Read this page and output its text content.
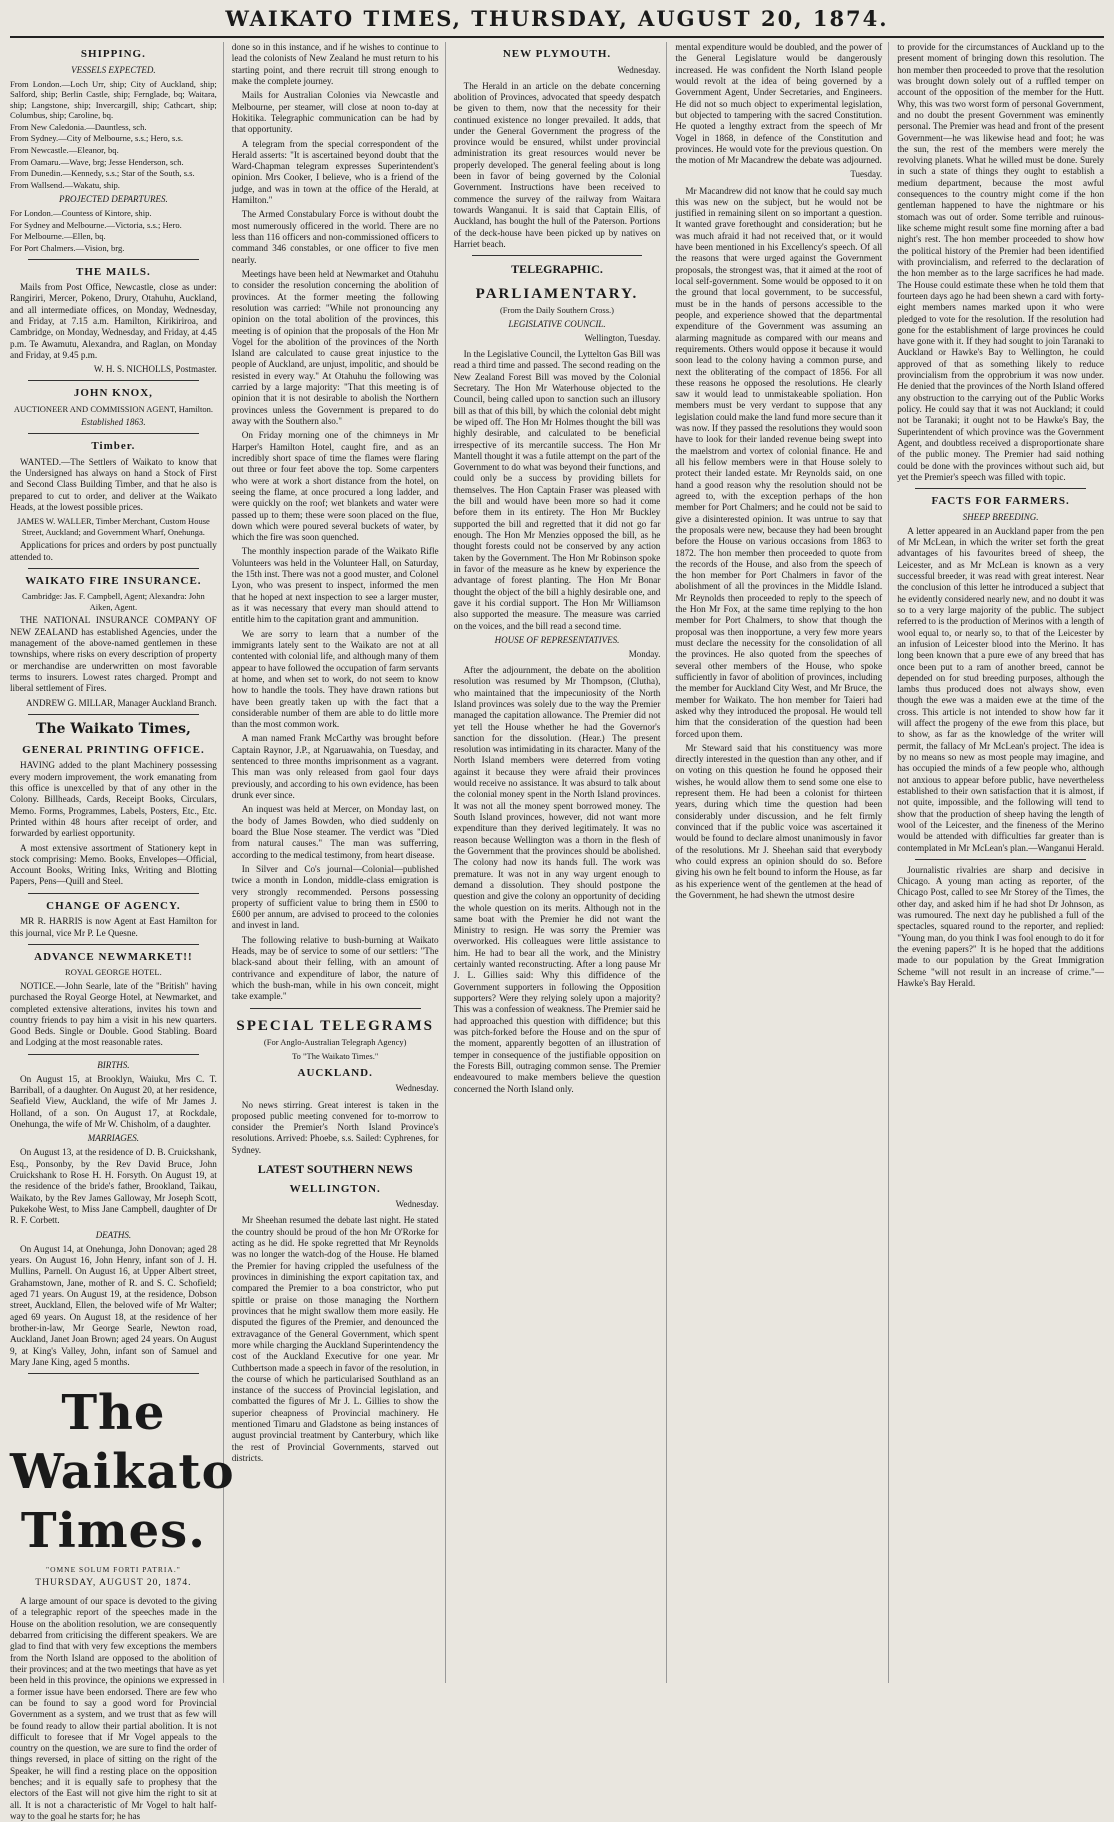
WAIKATO TIMES, THURSDAY, AUGUST 20, 1874.
SHIPPING.
VESSELS EXPECTED.
From London.—Loch Urr, ship; City of Auckland, ship; Salford, ship; Berlin Castle, ship; Fernglade, bq; Waitara, ship; Langstone, ship; Invercargill, ship; Cathcart, ship; Columbus, ship; Caroline, bq.
From New Caledonia.—Dauntless, sch.
From Sydney.—City of Melbourne, s.s.; Hero, s.s.
From Newcastle.—Eleanor, bq.
From Oamaru.—Wave, brg; Jesse Henderson, sch.
From Dunedin.—Kennedy, s.s.; Star of the South, s.s.
From Wallsend.—Wakatu, ship.
PROJECTED DEPARTURES.
For London.—Countess of Kintore, ship.
For Sydney and Melbourne.—Victoria, s.s.; Hero.
For Melbourne.—Ellen, bq.
For Port Chalmers.—Vision, brg.
THE MAILS.

Mails from Post Office, Newcastle, close as under: Rangiriri, Mercer, Pokeno, Drury, Otahuhu, Auckland, and all intermediate offices, on Monday, Wednesday, and Friday, at 7.15 a.m. Hamilton, Kirikiriroa, and Cambridge, on Monday, Wednesday, and Friday, at 4.45 p.m. Te Awamutu, Alexandra, and Raglan, on Monday and Friday, at 9.45 p.m.

W. H. S. NICHOLLS, Postmaster.
JOHN KNOX,
AUCTIONEER AND COMMISSION AGENT, Hamilton.
Established 1863.
Timber.

WANTED.—The Settlers of Waikato to know that the Undersigned has always on hand a Stock of First and Second Class Building Timber, and that he also is prepared to cut to order, and deliver at the Waikato Heads, at the lowest possible prices.

JAMES W. WALLER, Timber Merchant, Custom House Street, Auckland; and Government Wharf, Onehunga.

Applications for prices and orders by post punctually attended to.

WAIKATO FIRE INSURANCE.
Cambridge: Jas. F. Campbell, Agent; Alexandra: John Aiken, Agent.

THE NATIONAL INSURANCE COMPANY OF NEW ZEALAND has established Agencies, under the management of the above-named gentlemen in these townships, where risks on every description of property or merchandise are underwritten on most favorable terms to insurers. Lowest rates charged. Prompt and liberal settlement of Fires.

ANDREW G. MILLAR, Manager Auckland Branch.
The Waikato Times,
GENERAL PRINTING OFFICE.

HAVING added to the plant Machinery possessing every modern improvement, the work emanating from this office is unexcelled by that of any other in the Colony. Billheads, Cards, Receipt Books, Circulars, Memo. Forms, Programmes, Labels, Posters, Etc., Etc. Printed within 48 hours after receipt of order, and forwarded by earliest opportunity.

A most extensive assortment of Stationery kept in stock comprising: Memo. Books, Envelopes—Official, Account Books, Writing Inks, Writing and Blotting Papers, Pens—Quill and Steel.

CHANGE OF AGENCY.

MR R. HARRIS is now Agent at East Hamilton for this journal, vice Mr P. Le Quesne.

ADVANCE NEWMARKET!!
ROYAL GEORGE HOTEL.

NOTICE.—John Searle, late of the "British" having purchased the Royal George Hotel, at Newmarket, and completed extensive alterations, invites his town and country friends to pay him a visit in his new quarters. Good Beds. Single or Double. Good Stabling. Board and Lodging at the most reasonable rates.

BIRTHS.

On August 15, at Brooklyn, Waiuku, Mrs C. T. Barriball, of a daughter. On August 20, at her residence, Seafield View, Auckland, the wife of Mr James J. Holland, of a son. On August 17, at Rockdale, Onehunga, the wife of Mr W. Chisholm, of a daughter.

MARRIAGES.

On August 13, at the residence of D. B. Cruickshank, Esq., Ponsonby, by the Rev David Bruce, John Cruickshank to Rose H. H. Forsyth. On August 19, at the residence of the bride's father, Brookland, Taikau, Waikato, by the Rev James Galloway, Mr Joseph Scott, Pukekohe West, to Miss Jane Campbell, daughter of Dr R. F. Corbett.

DEATHS.

On August 14, at Onehunga, John Donovan; aged 28 years. On August 16, John Henry, infant son of J. H. Mullins, Parnell. On August 16, at Upper Albert street, Grahamstown, Jane, mother of R. and S. C. Schofield; aged 71 years. On August 19, at the residence, Dobson street, Auckland, Ellen, the beloved wife of Mr Walter; aged 69 years. On August 18, at the residence of her brother-in-law, Mr George Searle, Newton road, Auckland, Janet Joan Brown; aged 24 years. On August 9, at King's Valley, John, infant son of Samuel and Mary Jane King, aged 5 months.

The Waikato Times.
"OMNE SOLUM FORTI PATRIA."
THURSDAY, AUGUST 20, 1874.

A large amount of our space is devoted to the giving of a telegraphic report of the speeches made in the House on the abolition resolution, we are consequently debarred from criticising the different speakers. We are glad to find that with very few exceptions the members from the North Island are opposed to the abolition of their provinces; and at the two meetings that have as yet been held in this province, the opinions we expressed in a former issue have been endorsed. There are few who can be found to say a good word for Provincial Government as a system, and we trust that as few will be found ready to allow their partial abolition. It is not difficult to foresee that if Mr Vogel appeals to the country on the question, we are sure to find the order of things reversed, in place of sitting on the right of the Speaker, he will find a resting place on the opposition benches; and it is equally safe to prophesy that the electors of the East will not give him the right to sit at all. It is not a characteristic of Mr Vogel to halt half-way to the goal he starts for; he has

done so in this instance, and if he wishes to continue to lead the colonists of New Zealand he must return to his starting point, and there recruit till strong enough to make the complete journey.

Mails for Australian Colonies via Newcastle and Melbourne, per steamer, will close at noon to-day at Hokitika. Telegraphic communication can be had by that opportunity.

A telegram from the special correspondent of the Herald asserts: "It is ascertained beyond doubt that the Ward-Chapman telegram expresses Superintendent's opinion. Mrs Cooker, I believe, who is a friend of the judge, and was in town at the office of the Herald, at Hamilton."

The Armed Constabulary Force is without doubt the most numerously officered in the world. There are no less than 116 officers and non-commissioned officers to command 346 constables, or one officer to five men nearly.

Meetings have been held at Newmarket and Otahuhu to consider the resolution concerning the abolition of provinces. At the former meeting the following resolution was carried: "While not pronouncing any opinion on the total abolition of the provinces, this meeting is of opinion that the proposals of the Hon Mr Vogel for the abolition of the provinces of the North Island are calculated to cause great injustice to the people of Auckland, are unjust, impolitic, and should be resisted in every way." At Otahuhu the following was carried by a large majority: "That this meeting is of opinion that it is not desirable to abolish the Northern provinces unless the Government is prepared to do away with the Southern also."

On Friday morning one of the chimneys in Mr Harper's Hamilton Hotel, caught fire, and as an incredibly short space of time the flames were flaring out three or four feet above the top. Some carpenters who were at work a short distance from the hotel, on seeing the flame, at once procured a long ladder, and were quickly on the roof; wet blankets and water were passed up to them; these were soon placed on the flue, down which were poured several buckets of water, by which the fire was soon quenched.

The monthly inspection parade of the Waikato Rifle Volunteers was held in the Volunteer Hall, on Saturday, the 15th inst. There was not a good muster, and Colonel Lyon, who was present to inspect, informed the men that he hoped at next inspection to see a larger muster, as it was necessary that every man should attend to entitle him to the capitation grant and ammunition.

We are sorry to learn that a number of the immigrants lately sent to the Waikato are not at all contented with colonial life, and although many of them appear to have followed the occupation of farm servants at home, and when set to work, do not seem to know how to handle the tools. They have drawn rations but have been greatly taken up with the fact that a considerable number of them are able to do little more than the most common work.

A man named Frank McCarthy was brought before Captain Raynor, J.P., at Ngaruawahia, on Tuesday, and sentenced to three months imprisonment as a vagrant. This man was only released from gaol four days previously, and according to his own evidence, has been drunk ever since.

An inquest was held at Mercer, on Monday last, on the body of James Bowden, who died suddenly on board the Blue Nose steamer. The verdict was "Died from natural causes." The man was sufferring, according to the medical testimony, from heart disease.

In Silver and Co's journal—Colonial—published twice a month in London, middle-class emigration is very strongly recommended. Persons possessing property of sufficient value to bring them in £500 to £600 per annum, are advised to proceed to the colonies and invest in land.

The following relative to bush-burning at Waikato Heads, may be of service to some of our settlers: "The black-sand about their felling, with an amount of contrivance and expenditure of labor, the nature of which the bush-man, while in his own conceit, might take example."

SPECIAL TELEGRAMS
(For Anglo-Australian Telegraph Agency)
To "The Waikato Times."
AUCKLAND.
Wednesday.

No news stirring. Great interest is taken in the proposed public meeting convened for to-morrow to consider the Premier's North Island Province's resolutions. Arrived: Phoebe, s.s. Sailed: Cyphrenes, for Sydney.

LATEST SOUTHERN NEWS
WELLINGTON.
Wednesday.

Mr Sheehan resumed the debate last night. He stated the country should be proud of the hon Mr O'Rorke for acting as he did. He spoke regretted that Mr Reynolds was no longer the watch-dog of the House. He blamed the Premier for having crippled the usefulness of the provinces in diminishing the export capitation tax, and compared the Premier to a boa constrictor, who put spittle or praise on those managing the Northern provinces that he might swallow them more easily. He disputed the figures of the Premier, and denounced the extravagance of the General Government, which spent more while charging the Auckland Superintendency the cost of the Auckland Executive for one year. Mr Cuthbertson made a speech in favor of the resolution, in the course of which he particularised Southland as an instance of the success of Provincial legislation, and combatted the figures of Mr J. L. Gillies to show the superior cheapness of Provincial machinery. He mentioned Timaru and Gladstone as being instances of august provincial treatment by Canterbury, which like the rest of Provincial Governments, starved out districts.

NEW PLYMOUTH.
Wednesday.

The Herald in an article on the debate concerning abolition of Provinces, advocated that speedy despatch be given to them, now that the necessity for their continued existence no longer prevailed. It adds, that under the General Government the progress of the province would be ensured, whilst under provincial administration its great resources would never be properly developed. The general feeling about is long been in favor of being governed by the Colonial Government. Instructions have been received to commence the survey of the railway from Waitara towards Wanganui. It is said that Captain Ellis, of Auckland, has bought the hull of the Paterson. Portions of the deck-house have been picked up by natives on Harriet beach.

TELEGRAPHIC.
PARLIAMENTARY.
(From the Daily Southern Cross.)
LEGISLATIVE COUNCIL.
Wellington, Tuesday.

In the Legislative Council, the Lyttelton Gas Bill was read a third time and passed. The second reading on the New Zealand Forest Bill was moved by the Colonial Secretary. The Hon Mr Waterhouse objected to the Council, being called upon to sanction such an illusory bill as that of this bill, by which the colonial debt might be wiped off. The Hon Mr Holmes thought the bill was highly desirable, and calculated to be beneficial irrespective of its mercantile success. The Hon Mr Mantell thought it was a futile attempt on the part of the Government to do what was beyond their functions, and could only be a success by providing billets for themselves. The Hon Captain Fraser was pleased with the bill and would have been more so had it come before them in its entirety. The Hon Mr Buckley supported the bill and regretted that it did not go far enough. The Hon Mr Menzies opposed the bill, as he thought forests could not be conserved by any action taken by the Government. The Hon Mr Robinson spoke in favor of the measure as he knew by experience the advantage of forest planting. The Hon Mr Bonar thought the object of the bill a highly desirable one, and gave it his cordial support. The Hon Mr Williamson also supported the measure. The measure was carried on the voices, and the bill read a second time.

HOUSE OF REPRESENTATIVES.
Monday.

After the adjournment, the debate on the abolition resolution was resumed by Mr Thompson, (Clutha), who maintained that the impecuniosity of the North Island provinces was solely due to the way the Premier managed the capitation allowance. The Premier did not yet tell the House whether he had the Governor's sanction for the dissolution. (Hear.) The present resolution was intimidating in its character. Many of the North Island members were deterred from voting against it because they were afraid their provinces would receive no assistance. It was absurd to talk about the colonial money spent in the North Island provinces. It was not all the money spent borrowed money. The South Island provinces, however, did not want more expenditure than they derived legitimately. It was no reason because Wellington was a thorn in the flesh of the Government that the provinces should be abolished. The colony had now its hands full. The work was premature. It was not in any way urgent enough to demand a dissolution. They should postpone the question and give the colony an opportunity of deciding the whole question on its merits. Although not in the same boat with the Premier he did not want the Ministry to resign. He was sorry the Premier was overworked. His colleagues were little assistance to him. He had to bear all the work, and the Ministry certainly wanted reconstructing. After a long pause Mr J. L. Gillies said: Why this diffidence of the Government supporters in following the Opposition supporters? Were they relying solely upon a majority? This was a confession of weakness. The Premier said he had approached this question with diffidence; but this was pitch-forked before the House and on the spur of the moment, apparently begotten of an illustration of temper in consequence of the justifiable opposition on the Forests Bill, outraging common sense. The Premier endeavoured to make members believe the question concerned the North Island only.

mental expenditure would be doubled, and the power of the General Legislature would be dangerously increased. He was confident the North Island people would revolt at the idea of being governed by a Government Agent, Under Secretaries, and Engineers. He did not so much object to experimental legislation, but objected to tampering with the sacred Constitution. He quoted a lengthy extract from the speech of Mr Vogel in 1868, in defence of the Constitution and provinces. He would vote for the previous question. On the motion of Mr Macandrew the debate was adjourned.

Tuesday.

Mr Macandrew did not know that he could say much this was new on the subject, but he would not be justified in remaining silent on so important a question. It wanted grave forethought and consideration; but he was much afraid it had not received that, or it would have been mentioned in his Excellency's speech. Of all the reasons that were urged against the Government proposals, the strongest was, that it aimed at the root of local self-government. Some would be opposed to it on the ground that local government, to be successful, must be in the hands of persons accessible to the people, and experience showed that the departmental expenditure of the Government was assuming an alarming magnitude as compared with our means and requirements. Others would oppose it because it would soon lead to the colony having a common purse, and next the obliterating of the compact of 1856. For all these reasons he opposed the resolutions. He clearly saw it would lead to unmistakeable spoliation. Hon members must be very verdant to suppose that any legislation could make the land fund more secure than it was now. If they passed the resolutions they would soon have to look for their landed revenue being swept into the maelstrom and vortex of colonial finance. He and all his fellow members were in that House solely to protect their landed estate. Mr Reynolds said, on one hand a good reason why the resolution should not be agreed to, with the exception perhaps of the hon member for Port Chalmers; and he could not be said to give a disinterested opinion. It was untrue to say that the proposals were new, because they had been brought before the House on various occasions from 1863 to 1872. The hon member then proceeded to quote from the records of the House, and also from the speech of the hon member for Port Chalmers in favor of the abolishment of all the provinces in the Middle Island. Mr Reynolds then proceeded to reply to the speech of the Hon Mr Fox, at the same time replying to the hon member for Port Chalmers, to show that though the proposal was then inopportune, a very few more years must declare the necessity for the consolidation of all the provinces. He also quoted from the speeches of several other members of the House, who spoke sufficiently in favor of abolition of provinces, including the member for Auckland City West, and Mr Bruce, the member for Waikato. The hon member for Taieri had asked why they introduced the proposal. He would tell him that the consideration of the question had been forced upon them.

Mr Steward said that his constituency was more directly interested in the question than any other, and if on voting on this question he found he opposed their wishes, he would allow them to send some one else to represent them. He had been a colonist for thirteen years, during which time the question had been considerably under discussion, and he felt firmly convinced that if the public voice was ascertained it would be found to declare almost unanimously in favor of the resolutions. Mr J. Sheehan said that everybody who could express an opinion should do so. Before giving his own he felt bound to inform the House, as far as his experience went of the gentlemen at the head of the Government, he had shewn the utmost desire

to provide for the circumstances of Auckland up to the present moment of bringing down this resolution. The hon member then proceeded to prove that the resolution was brought down solely out of a ruffled temper on account of the opposition of the member for the Hutt. Why, this was two worst form of personal Government, and no doubt the present Government was eminently personal. The Premier was head and front of the present Government—he was likewise head and foot; he was the sun, the rest of the members were merely the revolving planets. What he willed must be done. Surely in such a state of things they ought to establish a medium department, because the most awful consequences to the country might come if the hon gentleman happened to have the nightmare or his stomach was out of order. Some terrible and ruinous-like scheme might result some fine morning after a bad night's rest. The hon member proceeded to show how the political history of the Premier had been identified with provincialism, and referred to the declaration of the hon member as to the large sacrifices he had made. The House could estimate these when he told them that fourteen days ago he had been shewn a card with forty-eight members names marked upon it who were pledged to vote for the resolution. If the resolution had gone for the establishment of large provinces he could have gone with it. If they had sought to join Taranaki to Auckland or Hawke's Bay to Wellington, he could approved of that as something likely to reduce provincialism from the opprobrium it was now under. He denied that the provinces of the North Island offered any obstruction to the carrying out of the Public Works policy. He could say that it was not Auckland; it could not be Taranaki; it ought not to be Hawke's Bay, the Superintendent of which province was the Government Agent, and doubtless received a disproportionate share of the public money. The Premier had said nothing could be done with the provinces without such aid, but yet the Premier's speech was filled with topic.

FACTS FOR FARMERS.
SHEEP BREEDING.

A letter appeared in an Auckland paper from the pen of Mr McLean, in which the writer set forth the great advantages of his favourites breed of sheep, the Leicester, and as Mr McLean is known as a very successful breeder, it was read with great interest. Near the conclusion of this letter he introduced a subject that he evidently considered nearly new, and no doubt it was so to a very large majority of the public. The subject referred to is the production of Merinos with a length of wool equal to, or nearly so, to that of the Leicester by an infusion of Leicester blood into the Merino. It has long been known that a pure ewe of any breed that has once been put to a ram of another breed, cannot be depended on for stud breeding purposes, although the lambs thus produced does not always show, even though the ewe was a maiden ewe at the time of the cross. This article is not intended to show how far it will affect the progeny of the ewe from this place, but to show, as far as the knowledge of the writer will permit, the fallacy of Mr McLean's project. The idea is by no means so new as most people may imagine, and has occupied the minds of a few people who, although not anxious to appear before public, have nevertheless established to their own satisfaction that it is almost, if not quite, impossible, and the following will tend to show that the production of sheep having the length of wool of the Leicester, and the fineness of the Merino would be attended with difficulties far greater than is contemplated in Mr McLean's plan.—Wanganui Herald.

Journalistic rivalries are sharp and decisive in Chicago. A young man acting as reporter, of the Chicago Post, called to see Mr Storey of the Times, the other day, and asked him if he had shot Dr Johnson, as was rumoured. The next day he published a full of the spectacles, squared round to the reporter, and replied: "Young man, do you think I was fool enough to do it for the evening papers?" It is he hoped that the additions made to our population by the Great Immigration Scheme "will not result in an increase of crime."—Hawke's Bay Herald.
